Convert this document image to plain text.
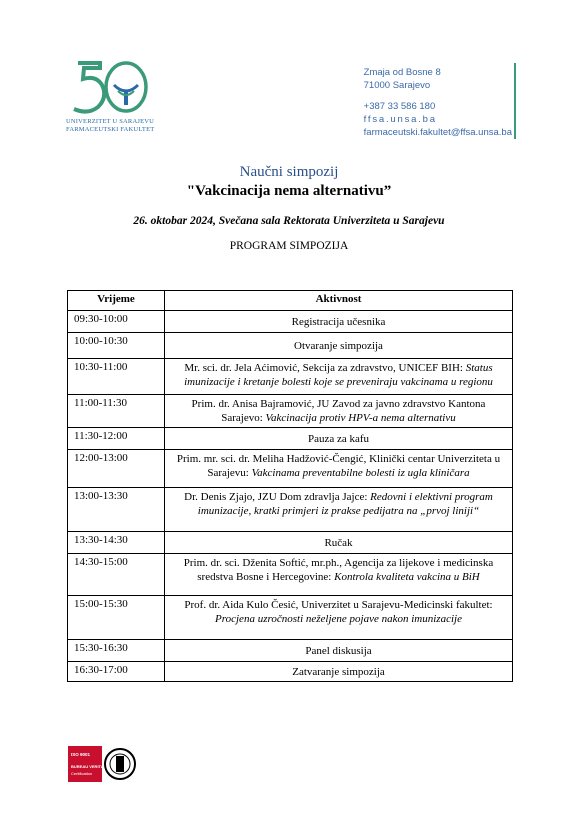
UNIVERZITET U SARAJEVU
FARMACEUTSKI FAKULTET
Zmaja od Bosne 8
71000 Sarajevo
+387 33 586 180
ffsa.unsa.ba
farmaceutski.fakultet@ffsa.unsa.ba
Naučni simpozij
"Vakcinacija nema alternativu”
26. oktobar 2024, Svečana sala Rektorata Univerziteta u Sarajevu
PROGRAM SIMPOZIJA
Vrijeme	Aktivnost
09:30-10:00	Registracija učesnika
10:00-10:30	Otvaranje simpozija
10:30-11:00	Mr. sci. dr. Jela Aćimović, Sekcija za zdravstvo, UNICEF BIH: Status imunizacije i kretanje bolesti koje se preveniraju vakcinama u regionu
11:00-11:30	Prim. dr. Anisa Bajramović, JU Zavod za javno zdravstvo Kantona Sarajevo: Vakcinacija protiv HPV-a nema alternativu
11:30-12:00	Pauza za kafu
12:00-13:00	Prim. mr. sci. dr. Meliha Hadžović-Čengić, Klinički centar Univerziteta u Sarajevu: Vakcinama preventabilne bolesti iz ugla kliničara
13:00-13:30	Dr. Denis Zjajo, JZU Dom zdravlja Jajce: Redovni i elektivni program imunizacije, kratki primjeri iz prakse pedijatra na „prvoj liniji“
13:30-14:30	Ručak
14:30-15:00	Prim. dr. sci. Dženita Softić, mr.ph., Agencija za lijekove i medicinska sredstva Bosne i Hercegovine: Kontrola kvaliteta vakcina u BiH
15:00-15:30	Prof. dr. Aida Kulo Česić, Univerzitet u Sarajevu-Medicinski fakultet: Procjena uzročnosti neželjene pojave nakon imunizacije
15:30-16:30	Panel diskusija
16:30-17:00	Zatvaranje simpozija
ISO 9001
BUREAU VERITAS
Certification
